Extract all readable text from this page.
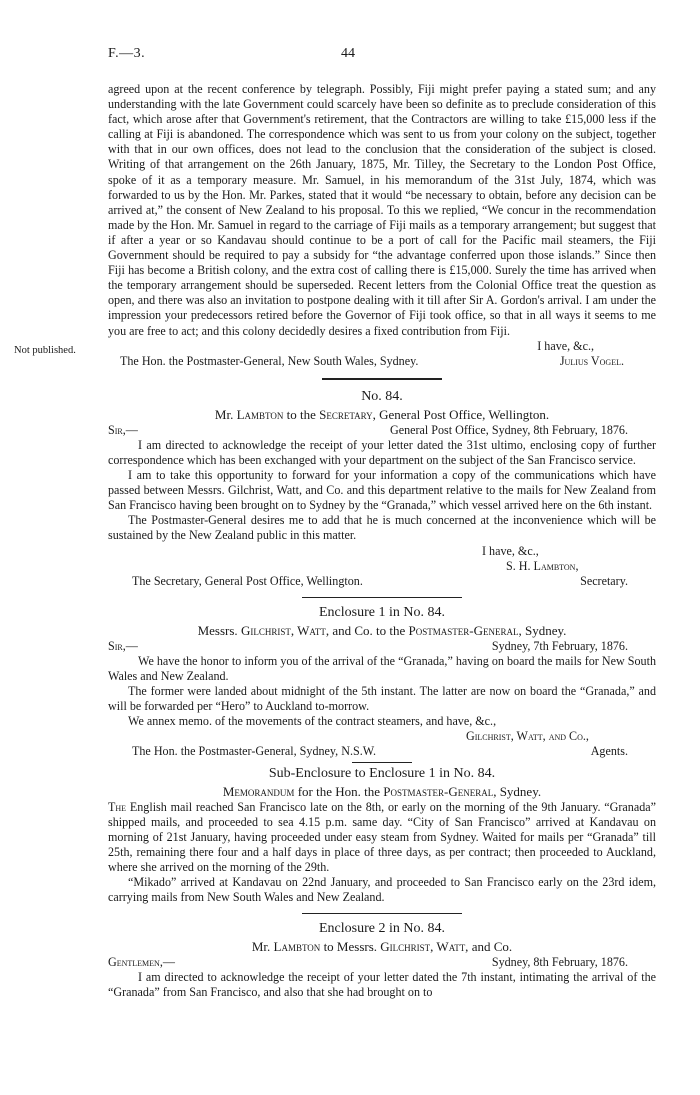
F.—3.	44
Not published.

agreed upon at the recent conference by telegraph. Possibly, Fiji might prefer paying a stated sum; and any understanding with the late Government could scarcely have been so definite as to preclude consideration of this fact, which arose after that Government's retirement, that the Contractors are willing to take £15,000 less if the calling at Fiji is abandoned. The correspondence which was sent to us from your colony on the subject, together with that in our own offices, does not lead to the conclusion that the consideration of the subject is closed. Writing of that arrangement on the 26th January, 1875, Mr. Tilley, the Secretary to the London Post Office, spoke of it as a temporary measure. Mr. Samuel, in his memorandum of the 31st July, 1874, which was forwarded to us by the Hon. Mr. Parkes, stated that it would “be necessary to obtain, before any decision can be arrived at,” the consent of New Zealand to his proposal. To this we replied, “We concur in the recommendation made by the Hon. Mr. Samuel in regard to the carriage of Fiji mails as a temporary arrangement; but suggest that if after a year or so Kandavau should continue to be a port of call for the Pacific mail steamers, the Fiji Government should be required to pay a subsidy for “the advantage conferred upon those islands.” Since then Fiji has become a British colony, and the extra cost of calling there is £15,000. Surely the time has arrived when the temporary arrangement should be superseded. Recent letters from the Colonial Office treat the question as open, and there was also an invitation to postpone dealing with it till after Sir A. Gordon's arrival. I am under the impression your predecessors retired before the Governor of Fiji took office, so that in all ways it seems to me you are free to act; and this colony decidedly desires a fixed contribution from Fiji.

I have, &c.,
The Hon. the Postmaster-General, New South Wales, Sydney.	Julius Vogel.
No. 84.
Mr. Lambton to the Secretary, General Post Office, Wellington.
Sir,—	General Post Office, Sydney, 8th February, 1876.

I am directed to acknowledge the receipt of your letter dated the 31st ultimo, enclosing copy of further correspondence which has been exchanged with your department on the subject of the San Francisco service.

I am to take this opportunity to forward for your information a copy of the communications which have passed between Messrs. Gilchrist, Watt, and Co. and this department relative to the mails for New Zealand from San Francisco having been brought on to Sydney by the “Granada,” which vessel arrived here on the 6th instant.

The Postmaster-General desires me to add that he is much concerned at the inconvenience which will be sustained by the New Zealand public in this matter.

I have, &c.,
S. H. Lambton,
The Secretary, General Post Office, Wellington.	Secretary.
Enclosure 1 in No. 84.
Messrs. Gilchrist, Watt, and Co. to the Postmaster-General, Sydney.
Sir,—	Sydney, 7th February, 1876.

We have the honor to inform you of the arrival of the “Granada,” having on board the mails for New South Wales and New Zealand.

The former were landed about midnight of the 5th instant. The latter are now on board the “Granada,” and will be forwarded per “Hero” to Auckland to-morrow.

We annex memo. of the movements of the contract steamers, and have, &c.,

Gilchrist, Watt, and Co.,
The Hon. the Postmaster-General, Sydney, N.S.W.	Agents.
Sub-Enclosure to Enclosure 1 in No. 84.
Memorandum for the Hon. the Postmaster-General, Sydney.

The English mail reached San Francisco late on the 8th, or early on the morning of the 9th January. “Granada” shipped mails, and proceeded to sea 4.15 p.m. same day. “City of San Francisco” arrived at Kandavau on morning of 21st January, having proceeded under easy steam from Sydney. Waited for mails per “Granada” till 25th, remaining there four and a half days in place of three days, as per contract; then proceeded to Auckland, where she arrived on the morning of the 29th.

“Mikado” arrived at Kandavau on 22nd January, and proceeded to San Francisco early on the 23rd idem, carrying mails from New South Wales and New Zealand.

Enclosure 2 in No. 84.
Mr. Lambton to Messrs. Gilchrist, Watt, and Co.
Gentlemen,—	Sydney, 8th February, 1876.

I am directed to acknowledge the receipt of your letter dated the 7th instant, intimating the arrival of the “Granada” from San Francisco, and also that she had brought on to
